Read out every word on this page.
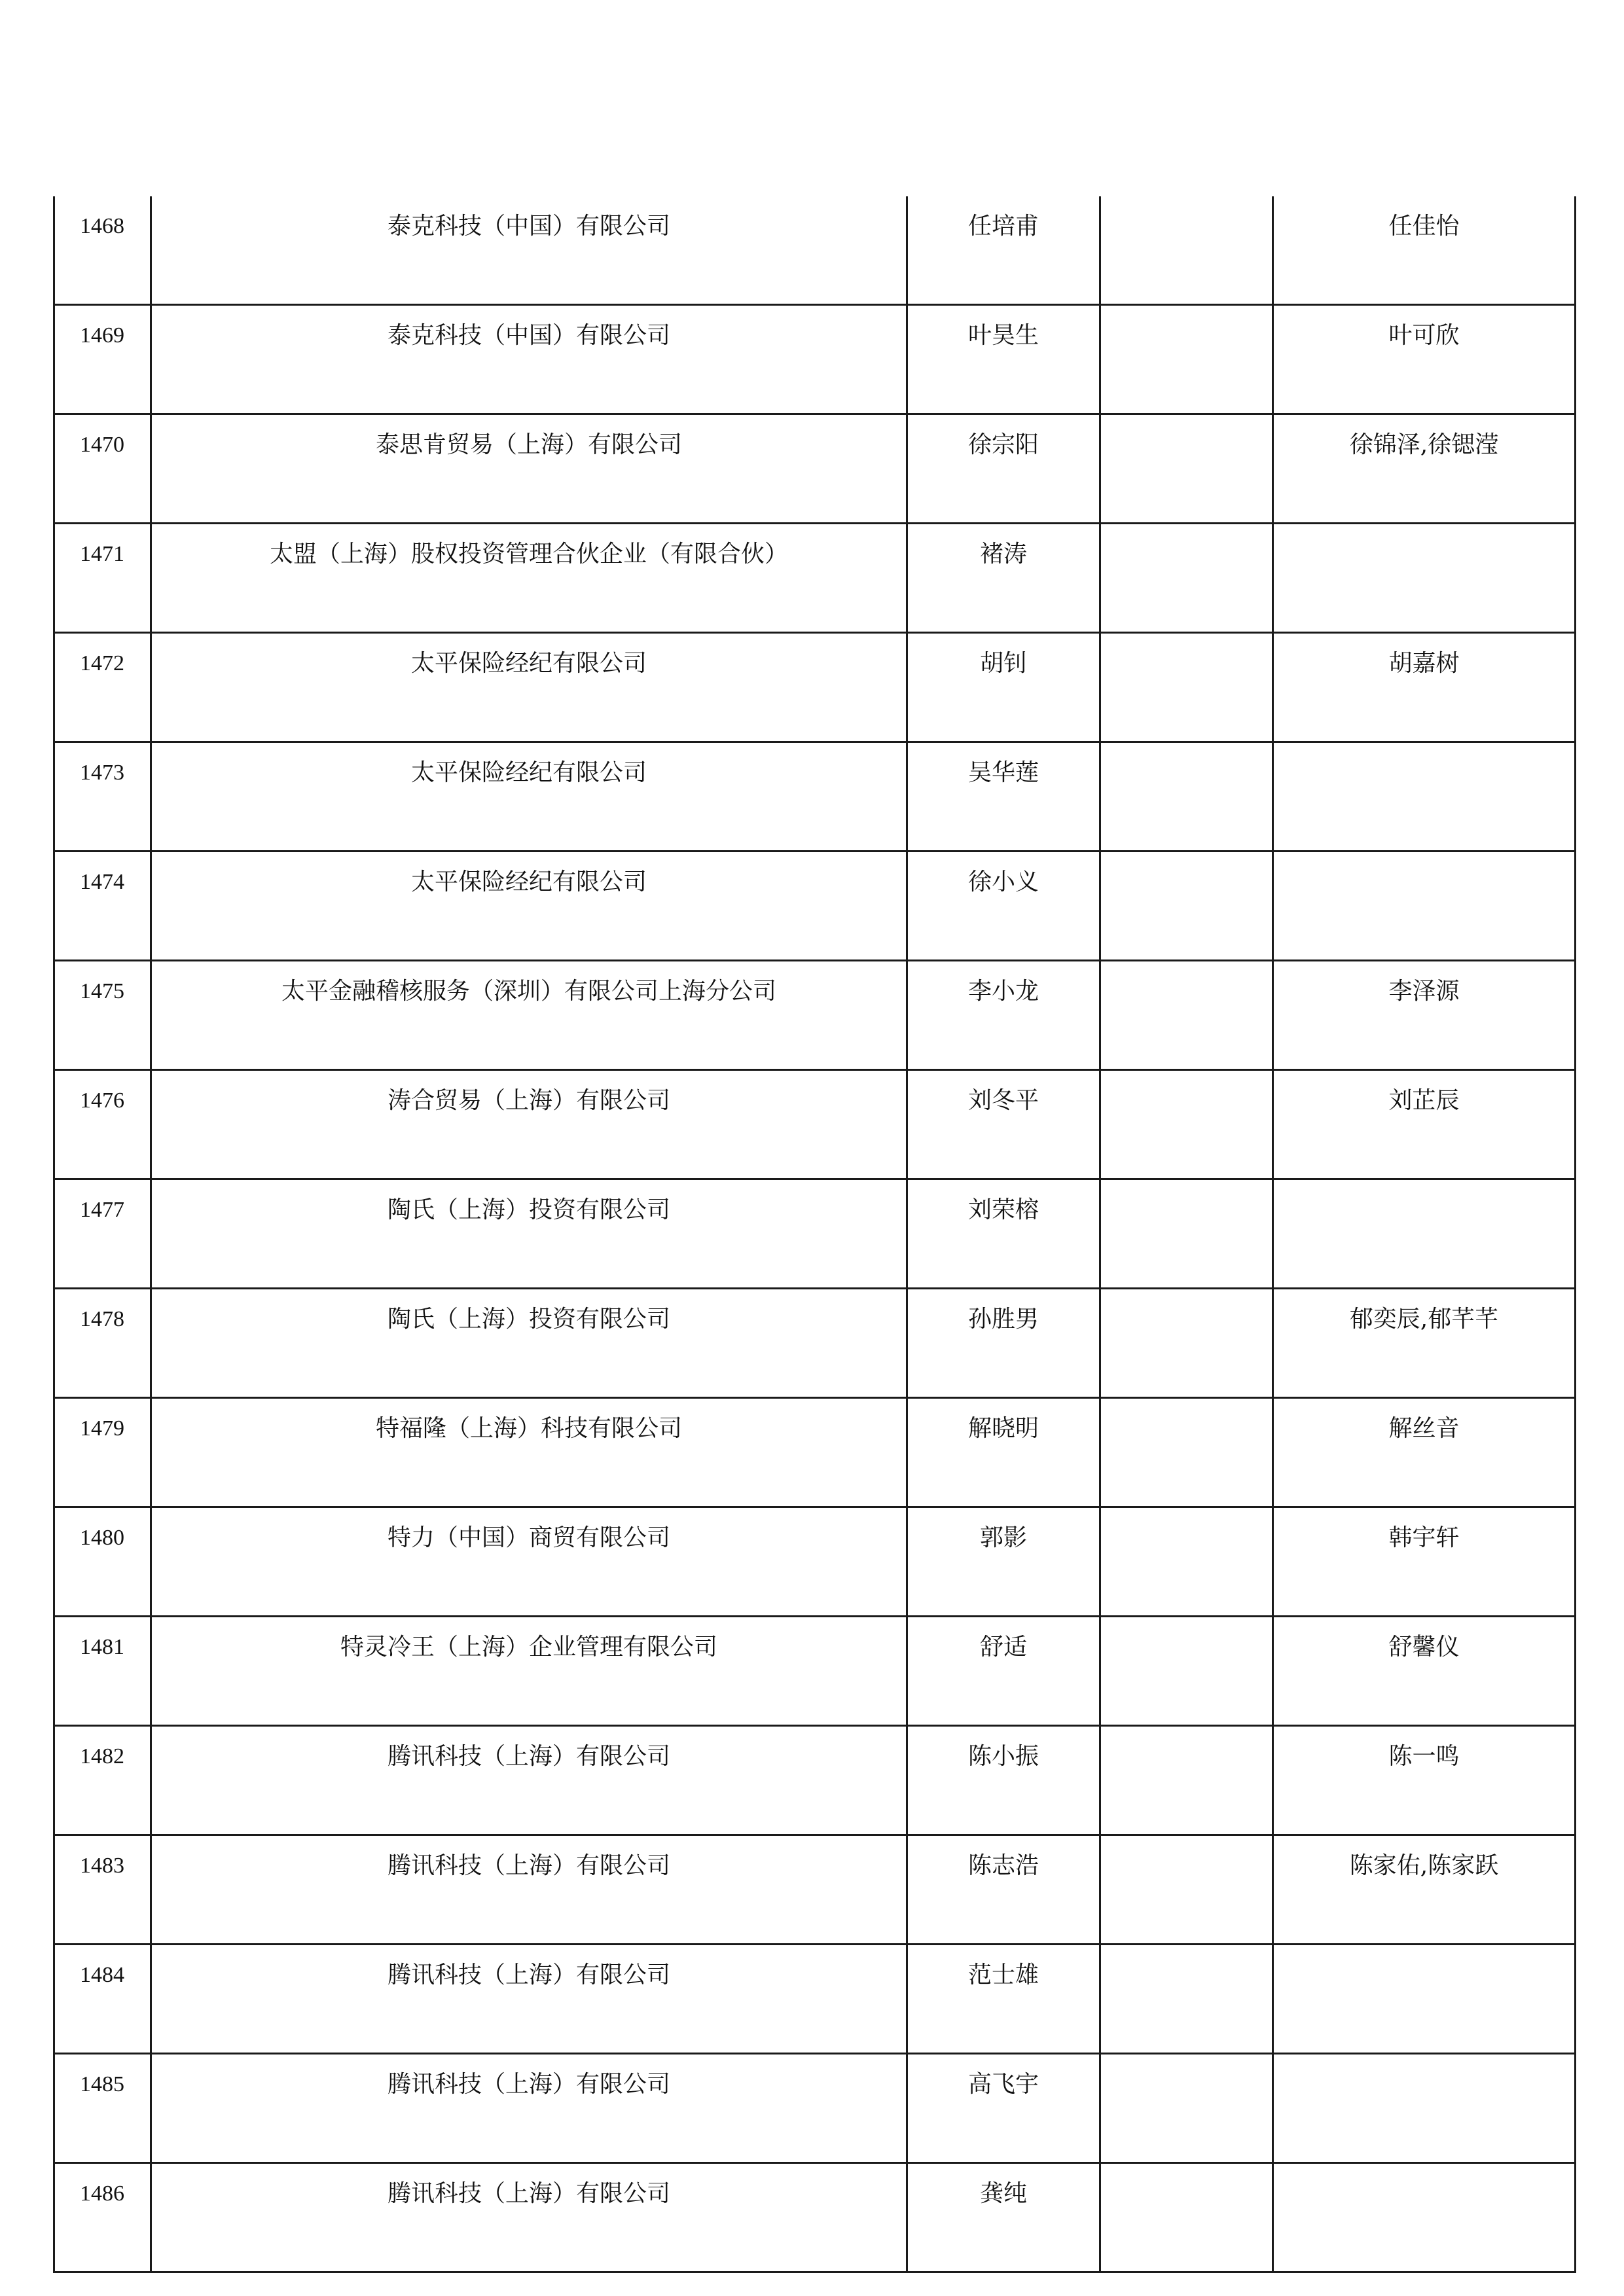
1468	泰克科技（中国）有限公司	任培甫		任佳怡
1469	泰克科技（中国）有限公司	叶昊生		叶可欣
1470	泰思肯贸易（上海）有限公司	徐宗阳		徐锦泽,徐锶滢
1471	太盟（上海）股权投资管理合伙企业（有限合伙）	褚涛		
1472	太平保险经纪有限公司	胡钊		胡嘉树
1473	太平保险经纪有限公司	吴华莲		
1474	太平保险经纪有限公司	徐小义		
1475	太平金融稽核服务（深圳）有限公司上海分公司	李小龙		李泽源
1476	涛合贸易（上海）有限公司	刘冬平		刘芷辰
1477	陶氏（上海）投资有限公司	刘荣榕		
1478	陶氏（上海）投资有限公司	孙胜男		郁奕辰,郁芊芊
1479	特福隆（上海）科技有限公司	解晓明		解丝音
1480	特力（中国）商贸有限公司	郭影		韩宇轩
1481	特灵冷王（上海）企业管理有限公司	舒适		舒馨仪
1482	腾讯科技（上海）有限公司	陈小振		陈一鸣
1483	腾讯科技（上海）有限公司	陈志浩		陈家佑,陈家跃
1484	腾讯科技（上海）有限公司	范士雄		
1485	腾讯科技（上海）有限公司	高飞宇		
1486	腾讯科技（上海）有限公司	龚纯		
